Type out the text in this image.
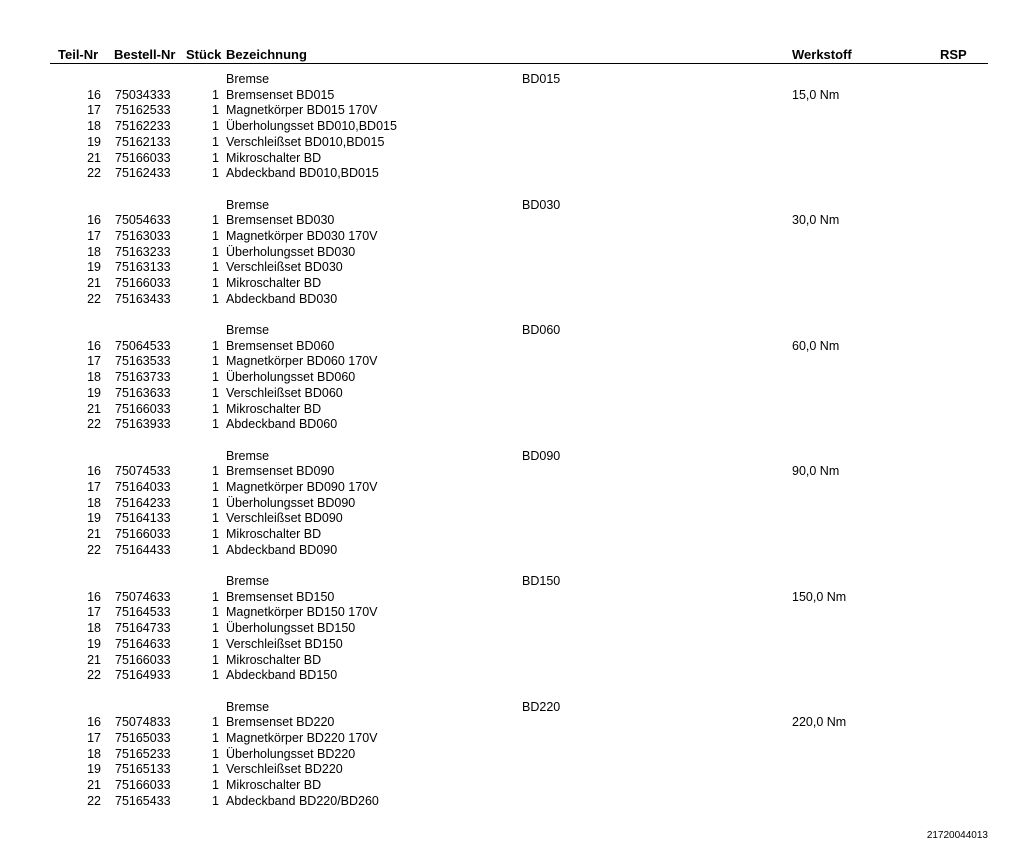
Teil-Nr Bestell-Nr Stück Bezeichnung	Werkstoff	RSP
Bremse	BD015
16 75034333	1 Bremsenset BD015	15,0 Nm
17 75162533	1 Magnetkörper BD015 170V
18 75162233	1 Überholungsset BD010,BD015
19 75162133	1 Verschleißset BD010,BD015
21 75166033	1 Mikroschalter BD
22 75162433	1 Abdeckband BD010,BD015
Bremse	BD030
16 75054633	1 Bremsenset BD030	30,0 Nm
17 75163033	1 Magnetkörper BD030 170V
18 75163233	1 Überholungsset BD030
19 75163133	1 Verschleißset BD030
21 75166033	1 Mikroschalter BD
22 75163433	1 Abdeckband BD030
Bremse	BD060
16 75064533	1 Bremsenset BD060	60,0 Nm
17 75163533	1 Magnetkörper BD060 170V
18 75163733	1 Überholungsset BD060
19 75163633	1 Verschleißset BD060
21 75166033	1 Mikroschalter BD
22 75163933	1 Abdeckband BD060
Bremse	BD090
16 75074533	1 Bremsenset BD090	90,0 Nm
17 75164033	1 Magnetkörper BD090 170V
18 75164233	1 Überholungsset BD090
19 75164133	1 Verschleißset BD090
21 75166033	1 Mikroschalter BD
22 75164433	1 Abdeckband BD090
Bremse	BD150
16 75074633	1 Bremsenset BD150	150,0 Nm
17 75164533	1 Magnetkörper BD150 170V
18 75164733	1 Überholungsset BD150
19 75164633	1 Verschleißset BD150
21 75166033	1 Mikroschalter BD
22 75164933	1 Abdeckband BD150
Bremse	BD220
16 75074833	1 Bremsenset BD220	220,0 Nm
17 75165033	1 Magnetkörper BD220 170V
18 75165233	1 Überholungsset BD220
19 75165133	1 Verschleißset BD220
21 75166033	1 Mikroschalter BD
22 75165433	1 Abdeckband BD220/BD260
21720044013
